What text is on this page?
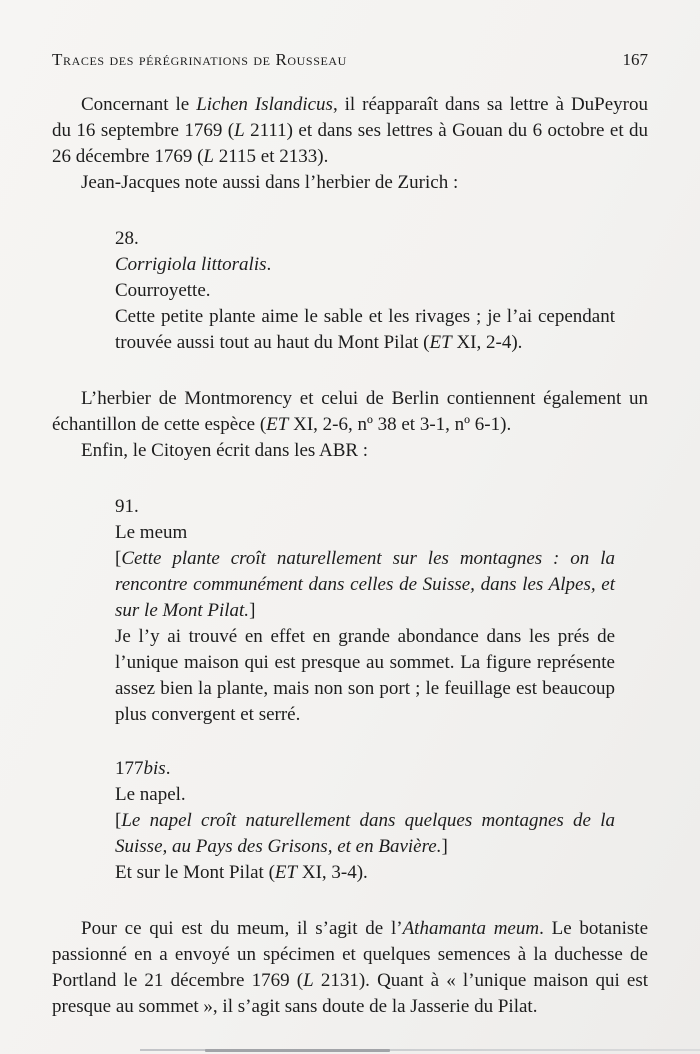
Traces des pérégrinations de Rousseau	167

Concernant le Lichen Islandicus, il réapparaît dans sa lettre à DuPeyrou du 16 septembre 1769 (L 2111) et dans ses lettres à Gouan du 6 octobre et du 26 décembre 1769 (L 2115 et 2133).

Jean-Jacques note aussi dans l’herbier de Zurich :

28.

Corrigiola littoralis.

Courroyette.

Cette petite plante aime le sable et les rivages ; je l’ai cependant trouvée aussi tout au haut du Mont Pilat (ET XI, 2-4).

L’herbier de Montmorency et celui de Berlin contiennent également un échantillon de cette espèce (ET XI, 2-6, nº 38 et 3-1, nº 6-1).

Enfin, le Citoyen écrit dans les ABR :

91.

Le meum

[Cette plante croît naturellement sur les montagnes : on la rencontre communément dans celles de Suisse, dans les Alpes, et sur le Mont Pilat.]

Je l’y ai trouvé en effet en grande abondance dans les prés de l’unique maison qui est presque au sommet. La figure représente assez bien la plante, mais non son port ; le feuillage est beaucoup plus convergent et serré.

177bis.

Le napel.

[Le napel croît naturellement dans quelques montagnes de la Suisse, au Pays des Grisons, et en Bavière.]

Et sur le Mont Pilat (ET XI, 3-4).

Pour ce qui est du meum, il s’agit de l’Athamanta meum. Le botaniste passionné en a envoyé un spécimen et quelques semences à la duchesse de Portland le 21 décembre 1769 (L 2131). Quant à « l’unique maison qui est presque au sommet », il s’agit sans doute de la Jasserie du Pilat.
